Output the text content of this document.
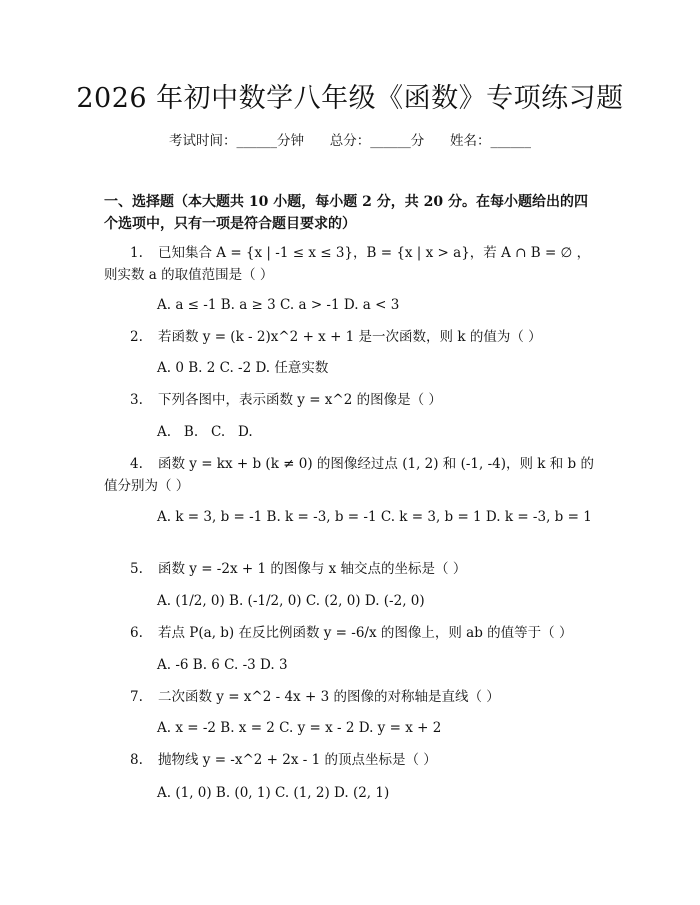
2026 年初中数学八年级《函数》专项练习题
考试时间：______分钟      总分：______分      姓名：______
一、选择题（本大题共 10 小题，每小题 2 分，共 20 分。在每小题给出的四个选项中，只有一项是符合题目要求的）
1. 已知集合 A = {x | -1 ≤ x ≤ 3}，B = {x | x > a}，若 A ∩ B = ∅ ，则实数 a 的取值范围是（ ）
A. a ≤ -1 B. a ≥ 3 C. a > -1 D. a < 3
2. 若函数 y = (k - 2)x^2 + x + 1 是一次函数，则 k 的值为（ ）
A. 0 B. 2 C. -2 D. 任意实数
3. 下列各图中，表示函数 y = x^2 的图像是（ ）
A.   B.   C.   D.
4. 函数 y = kx + b (k ≠ 0) 的图像经过点 (1, 2) 和 (-1, -4)，则 k 和 b 的值分别为（ ）
A. k = 3, b = -1 B. k = -3, b = -1 C. k = 3, b = 1 D. k = -3, b = 1
5. 函数 y = -2x + 1 的图像与 x 轴交点的坐标是（ ）
A. (1/2, 0) B. (-1/2, 0) C. (2, 0) D. (-2, 0)
6. 若点 P(a, b) 在反比例函数 y = -6/x 的图像上，则 ab 的值等于（ ）
A. -6 B. 6 C. -3 D. 3
7. 二次函数 y = x^2 - 4x + 3 的图像的对称轴是直线（ ）
A. x = -2 B. x = 2 C. y = x - 2 D. y = x + 2
8. 抛物线 y = -x^2 + 2x - 1 的顶点坐标是（ ）
A. (1, 0) B. (0, 1) C. (1, 2) D. (2, 1)
